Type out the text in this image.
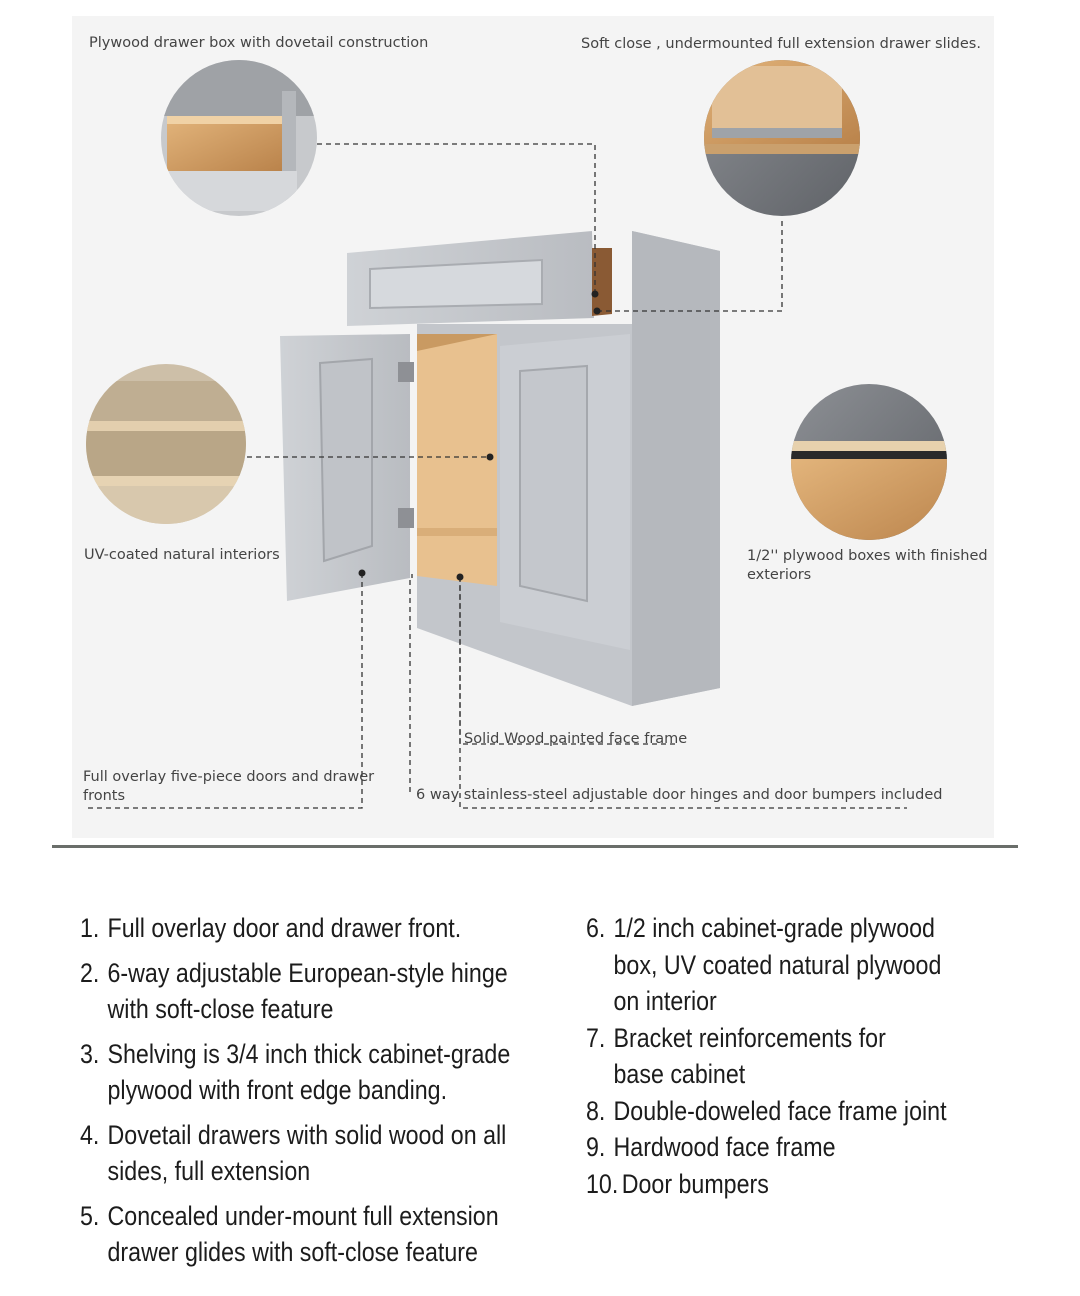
Plywood drawer box with dovetail construction	Soft close , undermounted full extension drawer slides.
UV-coated natural interiors	1/2'' plywood boxes with finished
exteriors
Solid Wood painted face frame
Full overlay five-piece doors and drawer
fronts	6 way stainless-steel adjustable door hinges and door bumpers included
1. Full overlay door and drawer front.
2. 6-way adjustable European-style hinge
with soft-close feature
3. Shelving is 3/4 inch thick cabinet-grade
plywood with front edge banding.
4. Dovetail drawers with solid wood on all
sides, full extension
5. Concealed under-mount full extension
drawer glides with soft-close feature
6. 1/2 inch cabinet-grade plywood
box, UV coated natural plywood
on interior
7. Bracket reinforcements for
base cabinet
8. Double-doweled face frame joint
9. Hardwood face frame
10. Door bumpers
